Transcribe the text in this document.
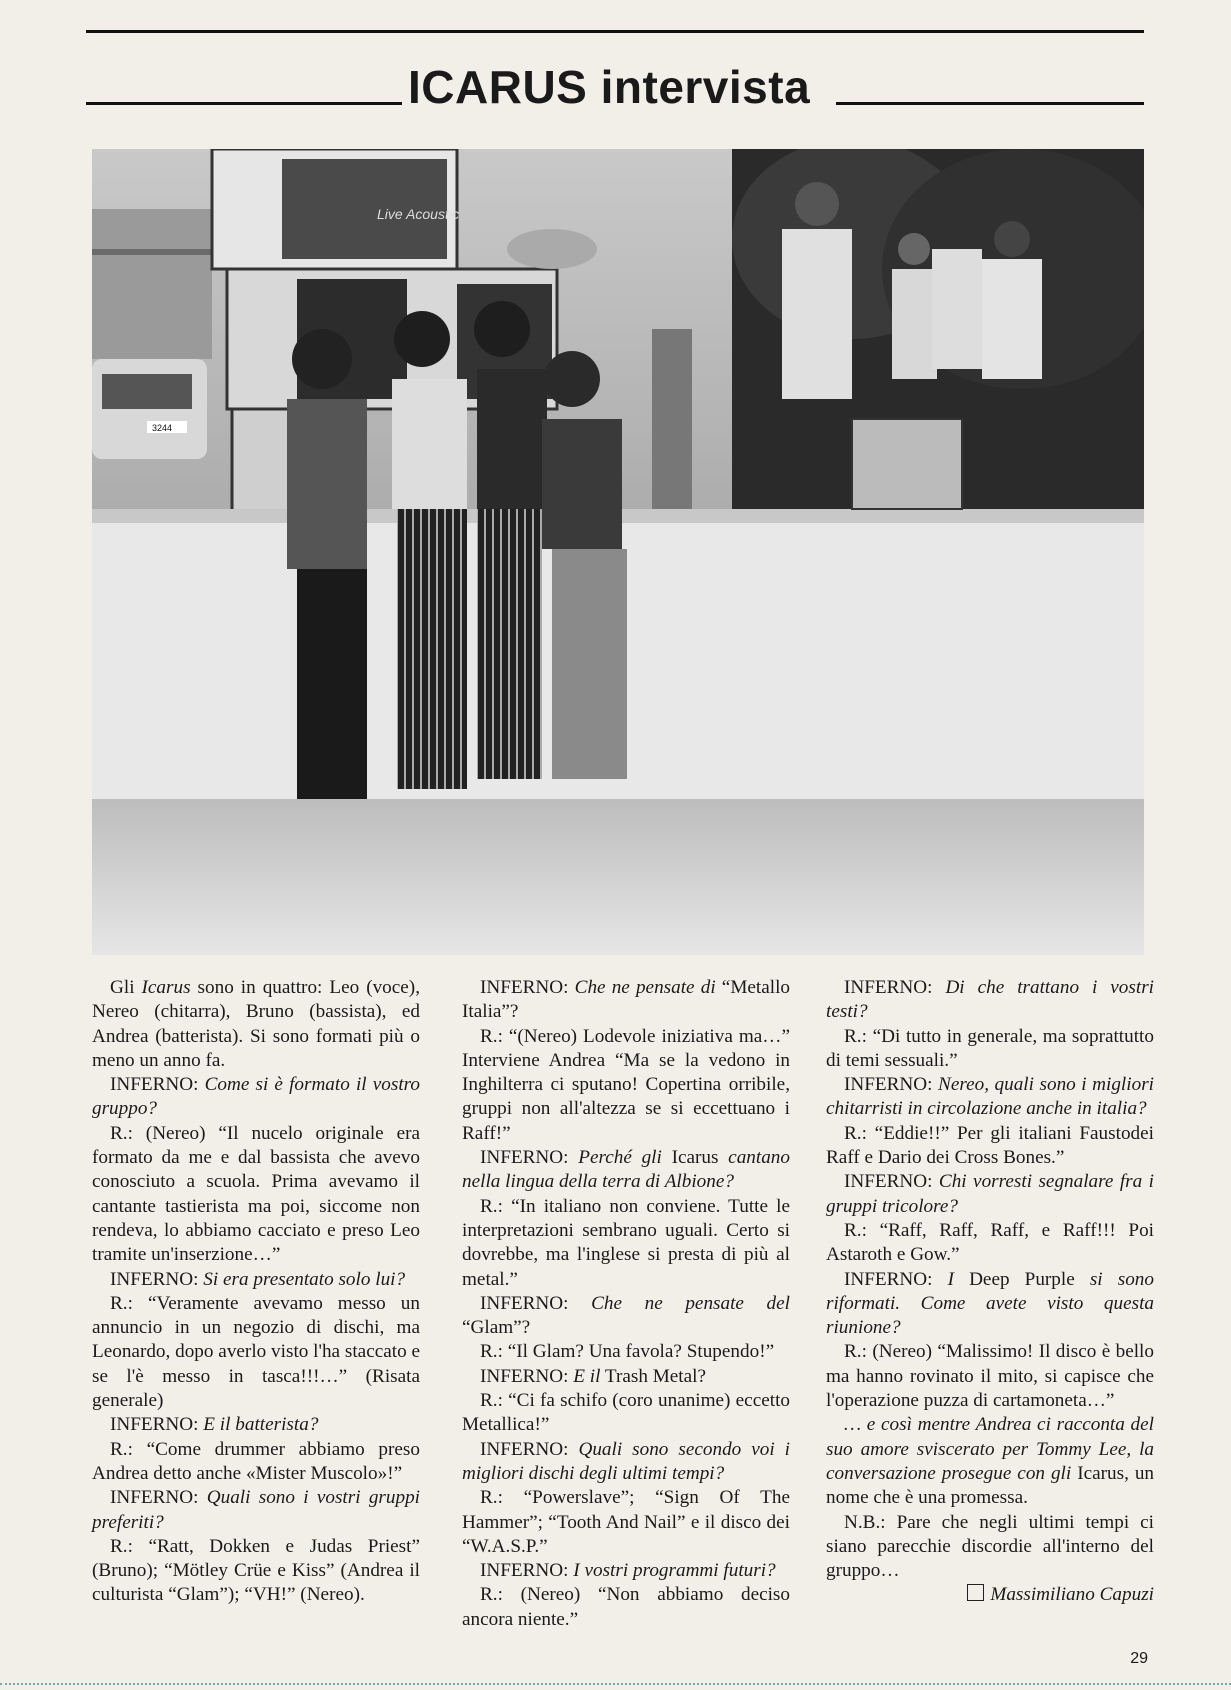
ICARUS intervista
3244
Live Acoustic

Gli Icarus sono in quattro: Leo (voce), Nereo (chitarra), Bruno (bassista), ed Andrea (batterista). Si sono formati più o meno un anno fa.

INFERNO: Come si è formato il vostro gruppo?

R.: (Nereo) “Il nucelo originale era formato da me e dal bassista che avevo conosciuto a scuola. Prima avevamo il cantante tastierista ma poi, siccome non rendeva, lo abbiamo cacciato e preso Leo tramite un'inserzione…”

INFERNO: Si era presentato solo lui?

R.: “Veramente avevamo messo un annuncio in un negozio di dischi, ma Leonardo, dopo averlo visto l'ha staccato e se l'è messo in tasca!!!…” (Risata generale)

INFERNO: E il batterista?

R.: “Come drummer abbiamo preso Andrea detto anche «Mister Muscolo»!”

INFERNO: Quali sono i vostri gruppi preferiti?

R.: “Ratt, Dokken e Judas Priest” (Bruno); “Mötley Crüe e Kiss” (Andrea il culturista “Glam”); “VH!” (Nereo).

INFERNO: Che ne pensate di “Metallo Italia”?

R.: “(Nereo) Lodevole iniziativa ma…” Interviene Andrea “Ma se la vedono in Inghilterra ci sputano! Copertina orribile, gruppi non all'altezza se si eccettuano i Raff!”

INFERNO: Perché gli Icarus cantano nella lingua della terra di Albione?

R.: “In italiano non conviene. Tutte le interpretazioni sembrano uguali. Certo si dovrebbe, ma l'inglese si presta di più al metal.”

INFERNO: Che ne pensate del “Glam”?

R.: “Il Glam? Una favola? Stupendo!”

INFERNO: E il Trash Metal?

R.: “Ci fa schifo (coro unanime) eccetto Metallica!”

INFERNO: Quali sono secondo voi i migliori dischi degli ultimi tempi?

R.: “Powerslave”; “Sign Of The Hammer”; “Tooth And Nail” e il disco dei “W.A.S.P.”

INFERNO: I vostri programmi futuri?

R.: (Nereo) “Non abbiamo deciso ancora niente.”

INFERNO: Di che trattano i vostri testi?

R.: “Di tutto in generale, ma soprattutto di temi sessuali.”

INFERNO: Nereo, quali sono i migliori chitarristi in circolazione anche in italia?

R.: “Eddie!!” Per gli italiani Faustodei Raff e Dario dei Cross Bones.”

INFERNO: Chi vorresti segnalare fra i gruppi tricolore?

R.: “Raff, Raff, Raff, e Raff!!! Poi Astaroth e Gow.”

INFERNO: I Deep Purple si sono riformati. Come avete visto questa riunione?

R.: (Nereo) “Malissimo! Il disco è bello ma hanno rovinato il mito, si capisce che l'operazione puzza di cartamoneta…”

… e così mentre Andrea ci racconta del suo amore sviscerato per Tommy Lee, la conversazione prosegue con gli Icarus, un nome che è una promessa.

N.B.: Pare che negli ultimi tempi ci siano parecchie discordie all'interno del gruppo…

Massimiliano Capuzi

29
